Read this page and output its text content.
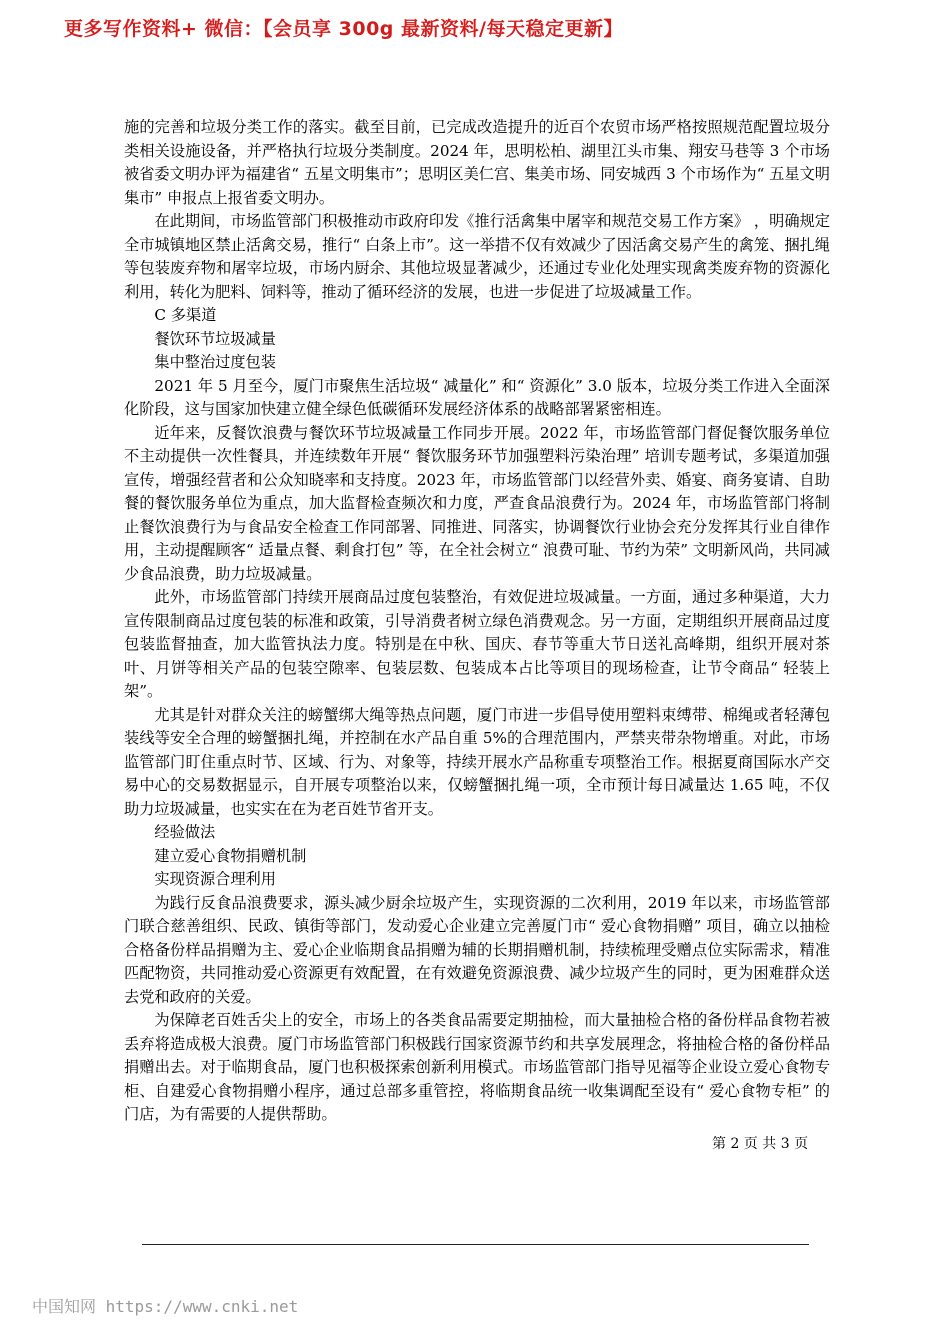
更多写作资料+ 微信：【会员享 300g 最新资料/每天稳定更新】

施的完善和垃圾分类工作的落实。截至目前，已完成改造提升的近百个农贸市场严格按照规范配置垃圾分类相关设施设备，并严格执行垃圾分类制度。2024 年，思明松柏、湖里江头市集、翔安马巷等 3 个市场被省委文明办评为福建省“ 五星文明集市”；思明区美仁宫、集美市场、同安城西 3 个市场作为“ 五星文明集市” 申报点上报省委文明办。

在此期间，市场监管部门积极推动市政府印发《推行活禽集中屠宰和规范交易工作方案》 ，明确规定全市城镇地区禁止活禽交易，推行“ 白条上市”。这一举措不仅有效减少了因活禽交易产生的禽笼、捆扎绳等包装废弃物和屠宰垃圾，市场内厨余、其他垃圾显著减少，还通过专业化处理实现禽类废弃物的资源化利用，转化为肥料、饲料等，推动了循环经济的发展，也进一步促进了垃圾减量工作。

C 多渠道

餐饮环节垃圾减量

集中整治过度包装

2021 年 5 月至今，厦门市聚焦生活垃圾“ 减量化” 和“ 资源化” 3.0 版本，垃圾分类工作进入全面深化阶段，这与国家加快建立健全绿色低碳循环发展经济体系的战略部署紧密相连。

近年来，反餐饮浪费与餐饮环节垃圾减量工作同步开展。2022 年，市场监管部门督促餐饮服务单位不主动提供一次性餐具，并连续数年开展“ 餐饮服务环节加强塑料污染治理” 培训专题考试，多渠道加强宣传，增强经营者和公众知晓率和支持度。2023 年，市场监管部门以经营外卖、婚宴、商务宴请、自助餐的餐饮服务单位为重点，加大监督检查频次和力度，严查食品浪费行为。2024 年，市场监管部门将制止餐饮浪费行为与食品安全检查工作同部署、同推进、同落实，协调餐饮行业协会充分发挥其行业自律作用，主动提醒顾客“ 适量点餐、剩食打包” 等，在全社会树立“ 浪费可耻、节约为荣” 文明新风尚，共同减少食品浪费，助力垃圾减量。

此外，市场监管部门持续开展商品过度包装整治，有效促进垃圾减量。一方面，通过多种渠道，大力宣传限制商品过度包装的标准和政策，引导消费者树立绿色消费观念。另一方面，定期组织开展商品过度包装监督抽查，加大监管执法力度。特别是在中秋、国庆、春节等重大节日送礼高峰期，组织开展对茶叶、月饼等相关产品的包装空隙率、包装层数、包装成本占比等项目的现场检查，让节令商品“ 轻装上架”。

尤其是针对群众关注的螃蟹绑大绳等热点问题，厦门市进一步倡导使用塑料束缚带、棉绳或者轻薄包装线等安全合理的螃蟹捆扎绳，并控制在水产品自重 5%的合理范围内，严禁夹带杂物增重。对此，市场监管部门盯住重点时节、区域、行为、对象等，持续开展水产品称重专项整治工作。根据夏商国际水产交易中心的交易数据显示，自开展专项整治以来，仅螃蟹捆扎绳一项，全市预计每日减量达 1.65 吨，不仅助力垃圾减量，也实实在在为老百姓节省开支。

经验做法

建立爱心食物捐赠机制

实现资源合理利用

为践行反食品浪费要求，源头减少厨余垃圾产生，实现资源的二次利用，2019 年以来，市场监管部门联合慈善组织、民政、镇街等部门，发动爱心企业建立完善厦门市“ 爱心食物捐赠” 项目，确立以抽检合格备份样品捐赠为主、爱心企业临期食品捐赠为辅的长期捐赠机制，持续梳理受赠点位实际需求，精准匹配物资，共同推动爱心资源更有效配置，在有效避免资源浪费、减少垃圾产生的同时，更为困难群众送去党和政府的关爱。

为保障老百姓舌尖上的安全，市场上的各类食品需要定期抽检，而大量抽检合格的备份样品食物若被丢弃将造成极大浪费。厦门市场监管部门积极践行国家资源节约和共享发展理念，将抽检合格的备份样品捐赠出去。对于临期食品，厦门也积极探索创新利用模式。市场监管部门指导见福等企业设立爱心食物专柜、自建爱心食物捐赠小程序，通过总部多重管控，将临期食品统一收集调配至设有“ 爱心食物专柜” 的门店，为有需要的人提供帮助。

第 2 页 共 3 页
中国知网 https://www.cnki.net
